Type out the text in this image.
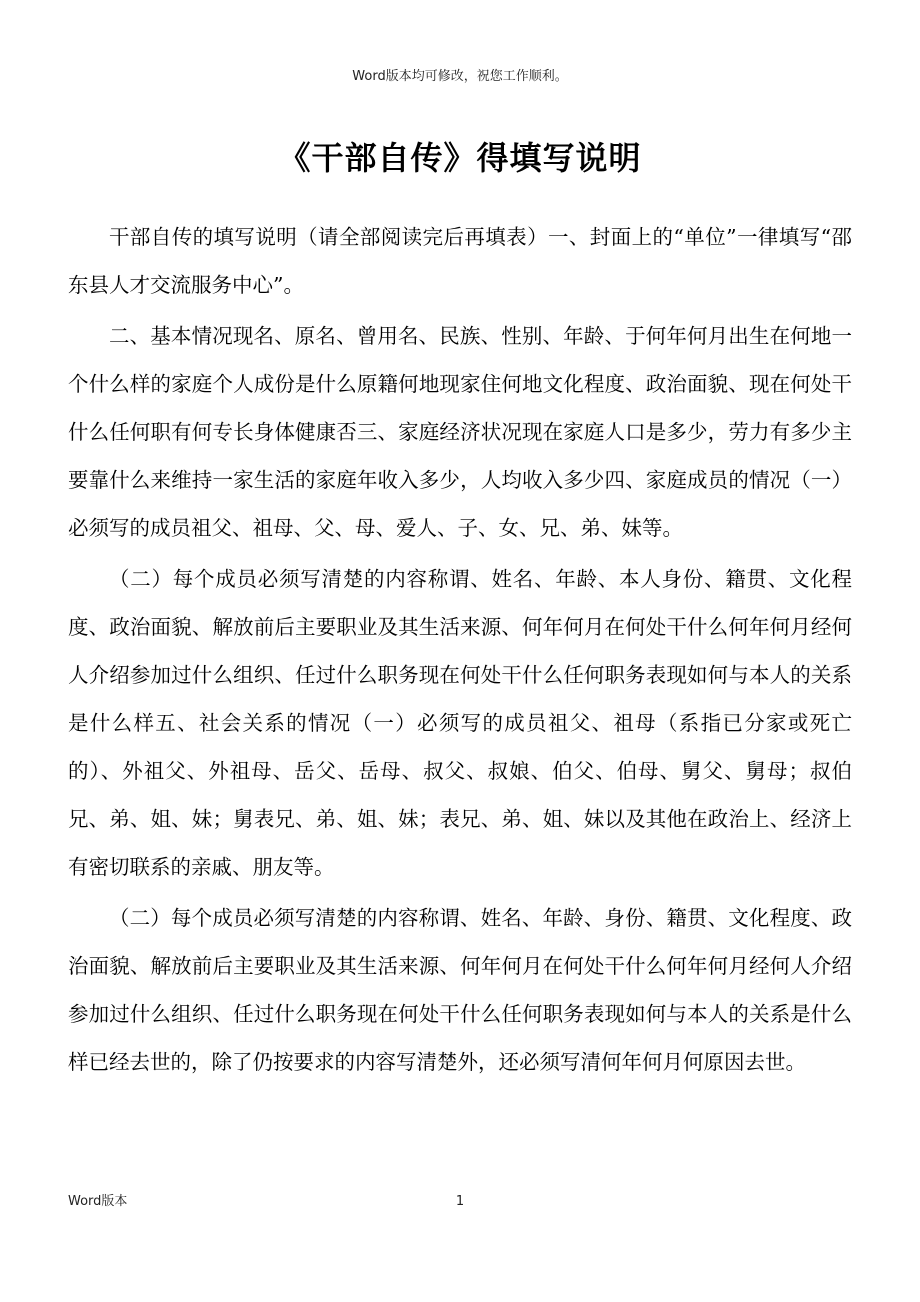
Word版本均可修改，祝您工作顺利。
《干部自传》得填写说明

干部自传的填写说明（请全部阅读完后再填表）一、封面上的“单位”一律填写“邵东县人才交流服务中心”。

二、基本情况现名、原名、曾用名、民族、性别、年龄、于何年何月出生在何地一个什么样的家庭个人成份是什么原籍何地现家住何地文化程度、政治面貌、现在何处干什么任何职有何专长身体健康否三、家庭经济状况现在家庭人口是多少，劳力有多少主要靠什么来维持一家生活的家庭年收入多少，人均收入多少四、家庭成员的情况（一）必须写的成员祖父、祖母、父、母、爱人、子、女、兄、弟、妹等。

（二）每个成员必须写清楚的内容称谓、姓名、年龄、本人身份、籍贯、文化程度、政治面貌、解放前后主要职业及其生活来源、何年何月在何处干什么何年何月经何人介绍参加过什么组织、任过什么职务现在何处干什么任何职务表现如何与本人的关系是什么样五、社会关系的情况（一）必须写的成员祖父、祖母（系指已分家或死亡的）、外祖父、外祖母、岳父、岳母、叔父、叔娘、伯父、伯母、舅父、舅母；叔伯兄、弟、姐、妹；舅表兄、弟、姐、妹；表兄、弟、姐、妹以及其他在政治上、经济上有密切联系的亲戚、朋友等。

（二）每个成员必须写清楚的内容称谓、姓名、年龄、身份、籍贯、文化程度、政治面貌、解放前后主要职业及其生活来源、何年何月在何处干什么何年何月经何人介绍参加过什么组织、任过什么职务现在何处干什么任何职务表现如何与本人的关系是什么样已经去世的，除了仍按要求的内容写清楚外，还必须写清何年何月何原因去世。

Word版本	1
